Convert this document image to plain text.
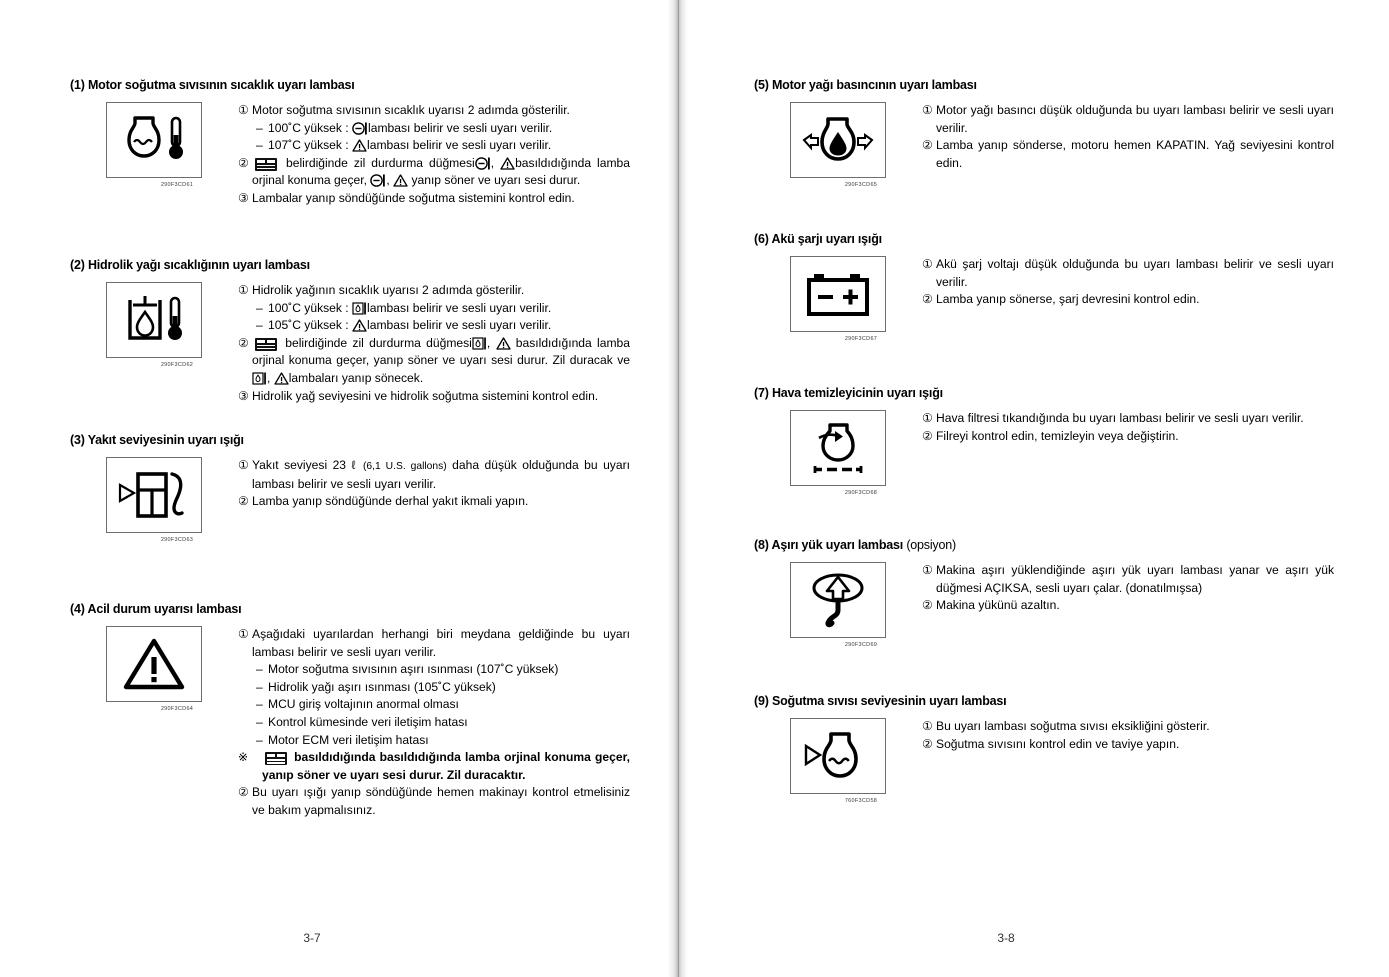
(1) Motor soğutma sıvısının sıcaklık uyarı lambası
290F3CD61
① Motor soğutma sıvısının sıcaklık uyarısı 2 adımda gösterilir.
– 100˚C yüksek : lambası belirir ve sesli uyarı verilir.
– 107˚C yüksek : lambası belirir ve sesli uyarı verilir.
②	belirdiğinde zil durdurma düğmesi ,
basıldıdığında lamba orjinal konuma geçer, ,
yanıp söner ve uyarı sesi durur.
③ Lambalar yanıp söndüğünde soğutma sistemini kontrol edin.
(2) Hidrolik yağı sıcaklığının uyarı lambası
290F3CD62
① Hidrolik yağının sıcaklık uyarısı 2 adımda gösterilir.
– 100˚C yüksek : lambası belirir ve sesli uyarı verilir.
– 105˚C yüksek : lambası belirir ve sesli uyarı verilir.
②	belirdiğinde zil durdurma düğmesi ,
basıldıdığında lamba orjinal konuma geçer, yanıp söner ve uyarı sesi durur. Zil duracak ve
,
lambaları yanıp sönecek.
③ Hidrolik yağ seviyesini ve hidrolik soğutma sistemini kontrol edin.
(3) Yakıt seviyesinin uyarı ışığı
290F3CD63
① Yakıt seviyesi 23 ℓ (6,1 U.S. gallons) daha düşük olduğunda bu uyarı lambası belirir ve sesli uyarı verilir.
② Lamba yanıp söndüğünde derhal yakıt ikmali yapın.
(4) Acil durum uyarısı lambası
290F3CD64
① Aşağıdaki uyarılardan herhangi biri meydana geldiğinde bu uyarı lambası belirir ve sesli uyarı verilir.
– Motor soğutma sıvısının aşırı ısınması (107˚C yüksek)
– Hidrolik yağı aşırı ısınması (105˚C yüksek)
– MCU giriş voltajının anormal olması
– Kontrol kümesinde veri iletişim hatası
– Motor ECM veri iletişim hatası
※	basıldıdığında basıldıdığında lamba orjinal konuma geçer, yanıp söner ve uyarı sesi durur. Zil duracaktır.
② Bu uyarı ışığı yanıp söndüğünde hemen makinayı kontrol etmelisiniz ve bakım yapmalısınız.
3-7
(5) Motor yağı basıncının uyarı lambası
290F3CD65
① Motor yağı basıncı düşük olduğunda bu uyarı lambası belirir ve sesli uyarı verilir.
② Lamba yanıp sönderse, motoru hemen KAPATIN. Yağ seviyesini kontrol edin.
(6) Akü şarjı uyarı ışığı
290F3CD67
① Akü şarj voltajı düşük olduğunda bu uyarı lambası belirir ve sesli uyarı verilir.
② Lamba yanıp sönerse, şarj devresini kontrol edin.
(7) Hava temizleyicinin uyarı ışığı
290F3CD68
① Hava filtresi tıkandığında bu uyarı lambası belirir ve sesli uyarı verilir.
② Filreyi kontrol edin, temizleyin veya değiştirin.
(8) Aşırı yük uyarı lambası (opsiyon)
290F3CD69
① Makina aşırı yüklendiğinde aşırı yük uyarı lambası yanar ve aşırı yük düğmesi AÇIKSA, sesli uyarı çalar. (donatılmışsa)
② Makina yükünü azaltın.
(9) Soğutma sıvısı seviyesinin uyarı lambası
760F3CD58
① Bu uyarı lambası soğutma sıvısı eksikliğini gösterir.
② Soğutma sıvısını kontrol edin ve taviye yapın.
3-8
